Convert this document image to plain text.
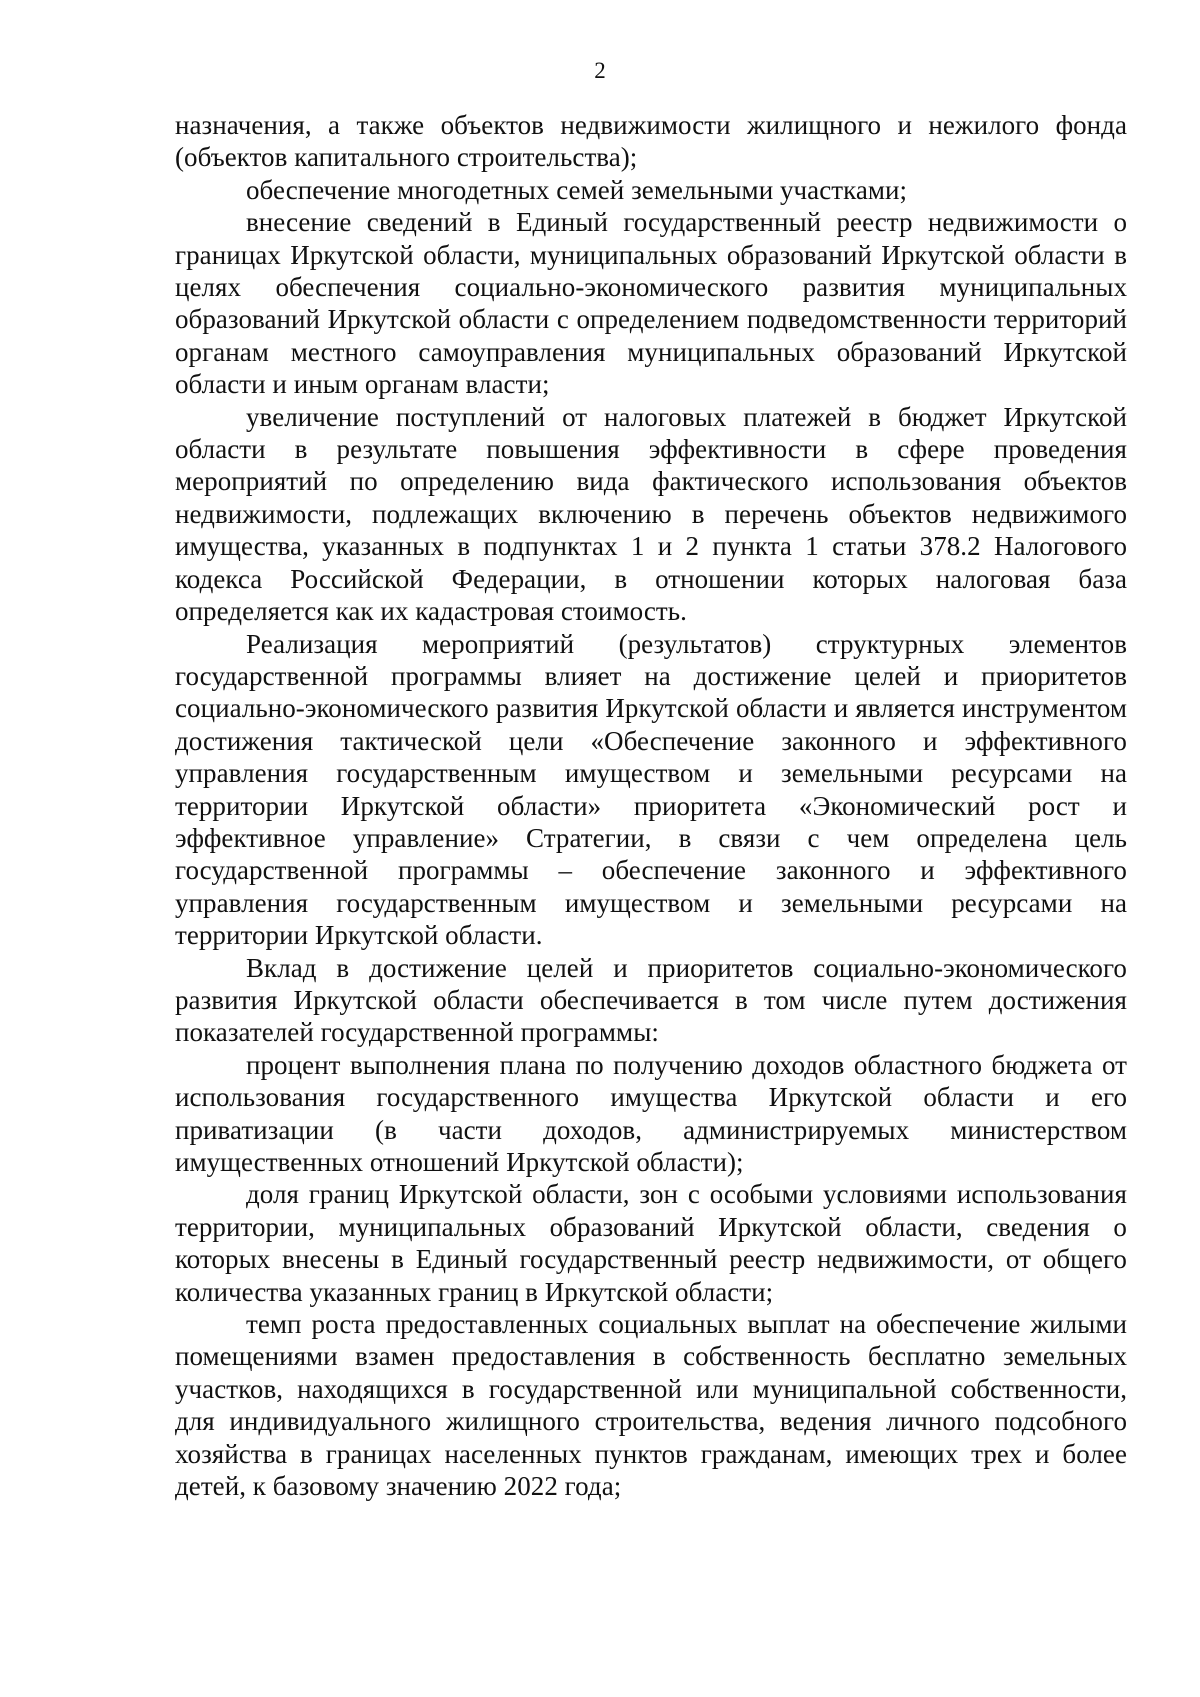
2

назначения, а также объектов недвижимости жилищного и нежилого фонда (объектов капитального строительства);

обеспечение многодетных семей земельными участками;

внесение сведений в Единый государственный реестр недвижимости о границах Иркутской области, муниципальных образований Иркутской области в целях обеспечения социально-экономического развития муниципальных образований Иркутской области с определением подведомственности территорий органам местного самоуправления муниципальных образований Иркутской области и иным органам власти;

увеличение поступлений от налоговых платежей в бюджет Иркутской области в результате повышения эффективности в сфере проведения мероприятий по определению вида фактического использования объектов недвижимости, подлежащих включению в перечень объектов недвижимого имущества, указанных в подпунктах 1 и 2 пункта 1 статьи 378.2 Налогового кодекса Российской Федерации, в отношении которых налоговая база определяется как их кадастровая стоимость.

Реализация мероприятий (результатов) структурных элементов государственной программы влияет на достижение целей и приоритетов социально-экономического развития Иркутской области и является инструментом достижения тактической цели «Обеспечение законного и эффективного управления государственным имуществом и земельными ресурсами на территории Иркутской области» приоритета «Экономический рост и эффективное управление» Стратегии, в связи с чем определена цель государственной программы – обеспечение законного и эффективного управления государственным имуществом и земельными ресурсами на территории Иркутской области.

Вклад в достижение целей и приоритетов социально-экономического развития Иркутской области обеспечивается в том числе путем достижения показателей государственной программы:

процент выполнения плана по получению доходов областного бюджета от использования государственного имущества Иркутской области и его приватизации (в части доходов, администрируемых министерством имущественных отношений Иркутской области);

доля границ Иркутской области, зон с особыми условиями использования территории, муниципальных образований Иркутской области, сведения о которых внесены в Единый государственный реестр недвижимости, от общего количества указанных границ в Иркутской области;

темп роста предоставленных социальных выплат на обеспечение жилыми помещениями взамен предоставления в собственность бесплатно земельных участков, находящихся в государственной или муниципальной собственности, для индивидуального жилищного строительства, ведения личного подсобного хозяйства в границах населенных пунктов гражданам, имеющих трех и более детей, к базовому значению 2022 года;
